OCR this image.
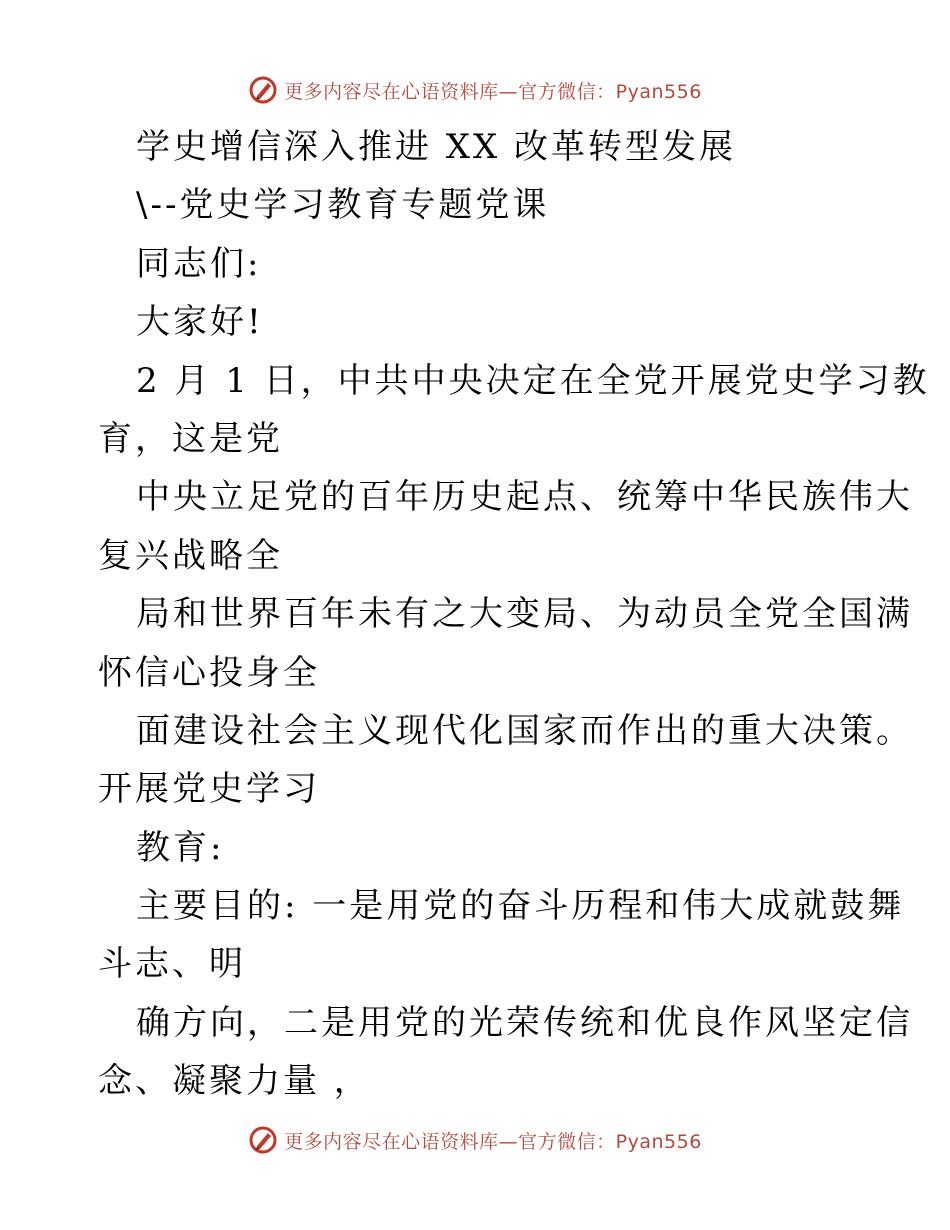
更多内容尽在心语资料库—官方微信：Pyan556
学史增信深入推进 XX 改革转型发展
\--党史学习教育专题党课
同志们:
大家好!
2 月 1 日，中共中央决定在全党开展党史学习教
育，这是党
中央立足党的百年历史起点、统筹中华民族伟大
复兴战略全
局和世界百年未有之大变局、为动员全党全国满
怀信心投身全
面建设社会主义现代化国家而作出的重大决策。
开展党史学习
教育:
主要目的: 一是用党的奋斗历程和伟大成就鼓舞
斗志、明
确方向，二是用党的光荣传统和优良作风坚定信
念、凝聚力量 ，
更多内容尽在心语资料库—官方微信：Pyan556
